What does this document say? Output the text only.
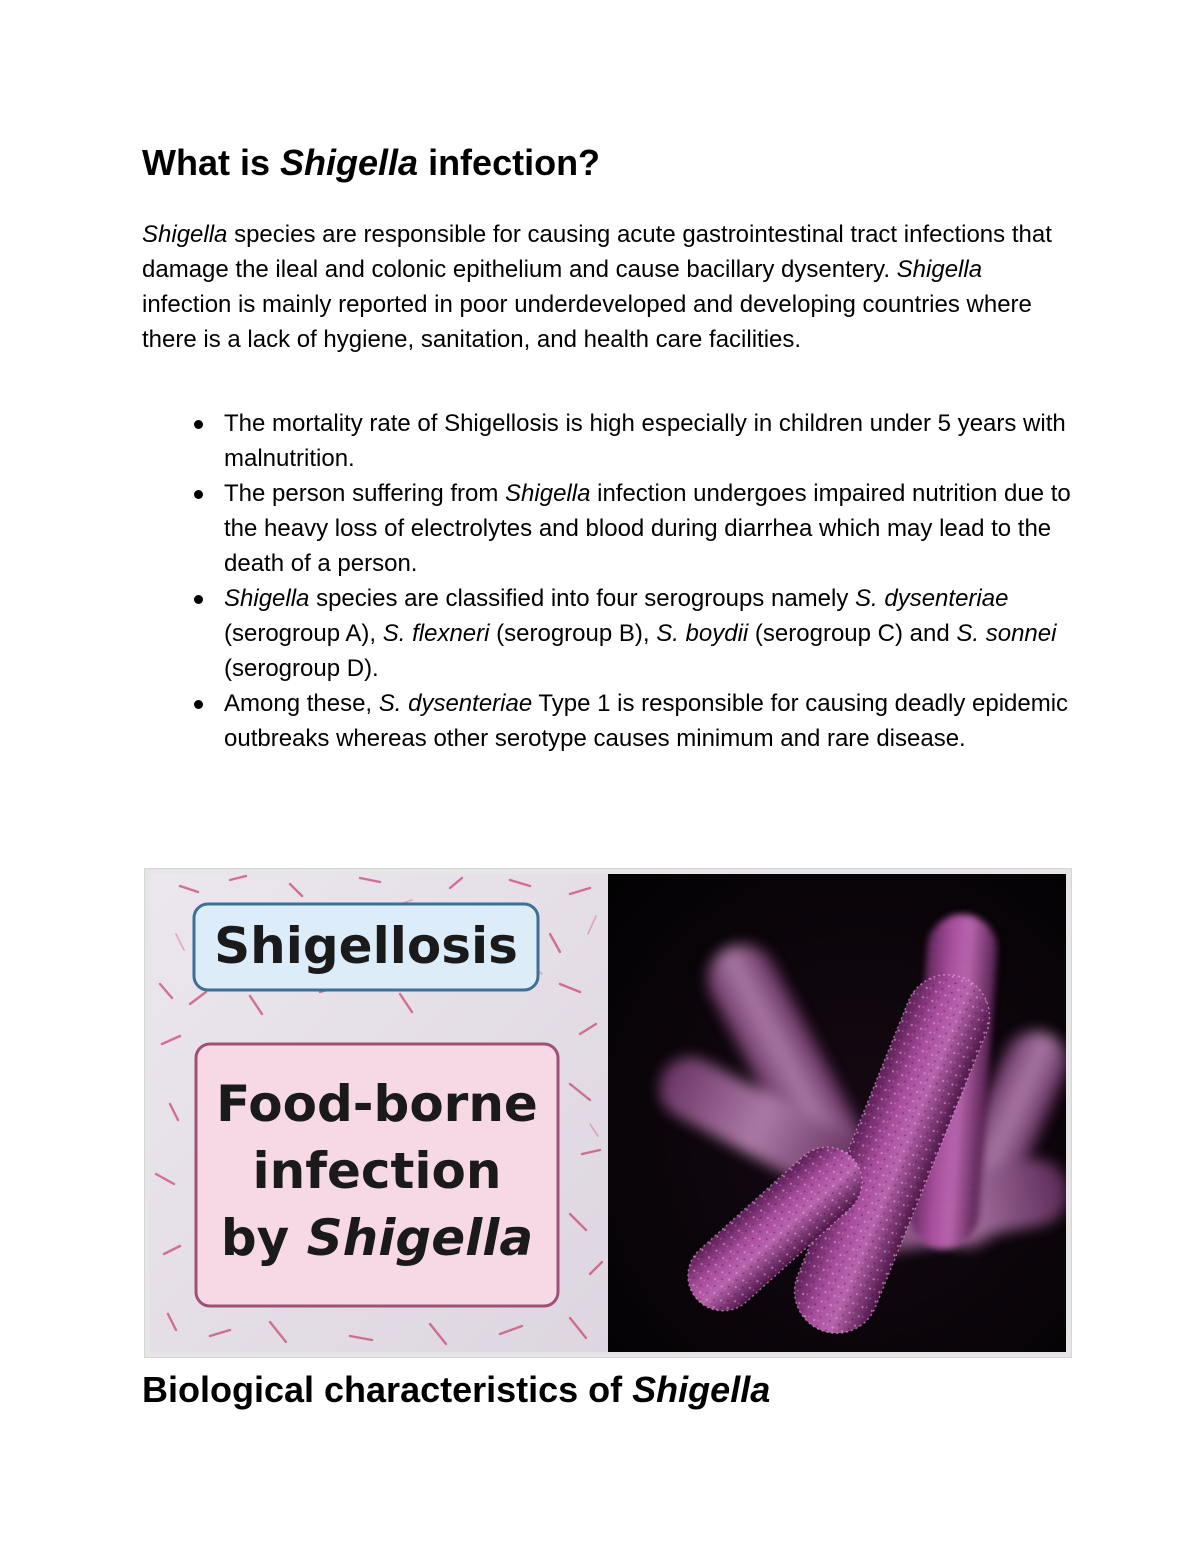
What is Shigella infection?

Shigella species are responsible for causing acute gastrointestinal tract infections that damage the ileal and colonic epithelium and cause bacillary dysentery. Shigella infection is mainly reported in poor underdeveloped and developing countries where there is a lack of hygiene, sanitation, and health care facilities.

The mortality rate of Shigellosis is high especially in children under 5 years with malnutrition.
The person suffering from Shigella infection undergoes impaired nutrition due to the heavy loss of electrolytes and blood during diarrhea which may lead to the death of a person.
Shigella species are classified into four serogroups namely S. dysenteriae (serogroup A), S. flexneri (serogroup B), S. boydii (serogroup C) and S. sonnei (serogroup D).
Among these, S. dysenteriae Type 1 is responsible for causing deadly epidemic outbreaks whereas other serotype causes minimum and rare disease.
Shigellosis
Food-borne
infection
by Shigella
Biological characteristics of Shigella
